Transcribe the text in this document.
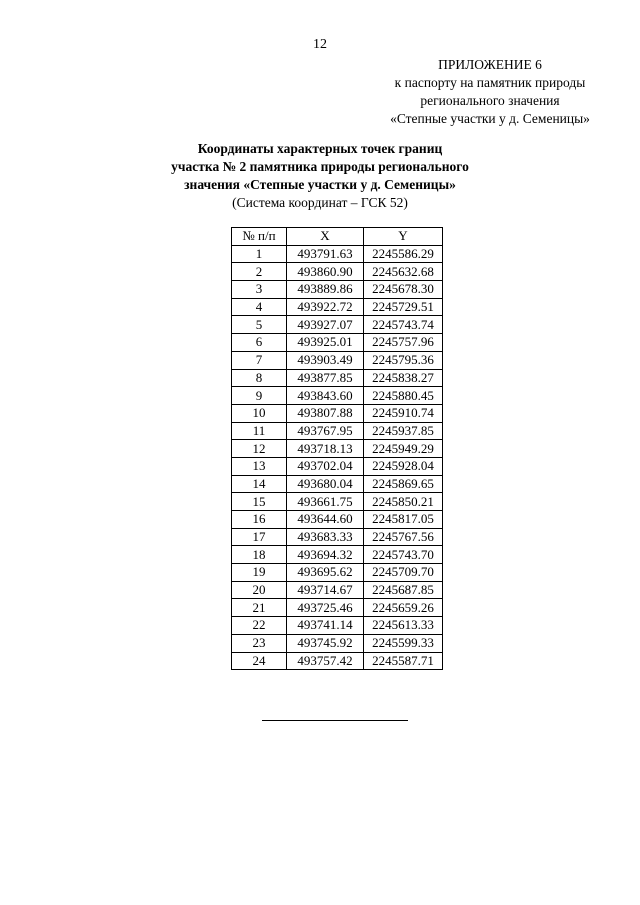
12
ПРИЛОЖЕНИЕ 6
к паспорту на памятник природы
регионального значения
«Степные участки у д. Семеницы»
Координаты характерных точек границ
участка № 2 памятника природы регионального
значения «Степные участки у д. Семеницы»
(Система координат – ГСК 52)
№ п/п	X	Y
1	493791.63	2245586.29
2	493860.90	2245632.68
3	493889.86	2245678.30
4	493922.72	2245729.51
5	493927.07	2245743.74
6	493925.01	2245757.96
7	493903.49	2245795.36
8	493877.85	2245838.27
9	493843.60	2245880.45
10	493807.88	2245910.74
11	493767.95	2245937.85
12	493718.13	2245949.29
13	493702.04	2245928.04
14	493680.04	2245869.65
15	493661.75	2245850.21
16	493644.60	2245817.05
17	493683.33	2245767.56
18	493694.32	2245743.70
19	493695.62	2245709.70
20	493714.67	2245687.85
21	493725.46	2245659.26
22	493741.14	2245613.33
23	493745.92	2245599.33
24	493757.42	2245587.71
